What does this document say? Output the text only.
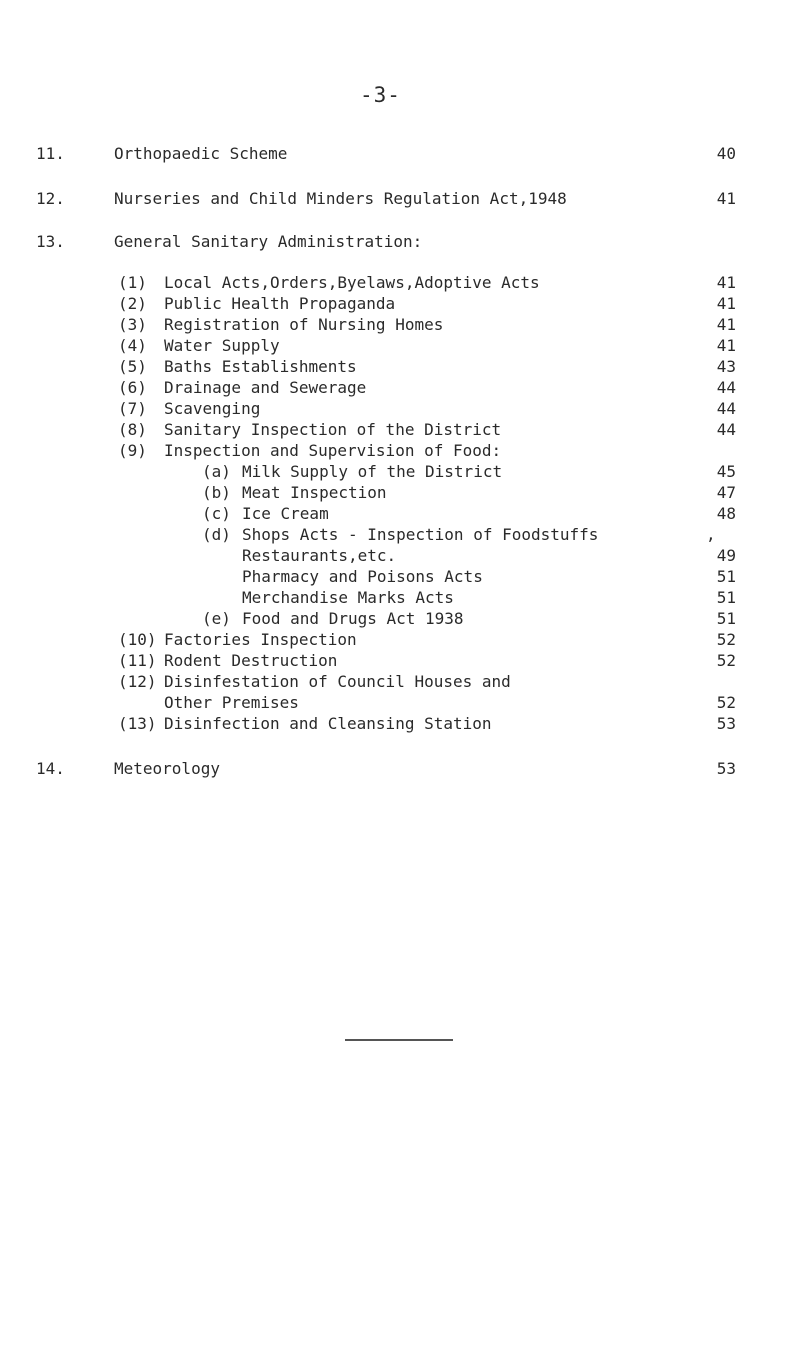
-3-
11.	Orthopaedic Scheme	40
12.	Nurseries and Child Minders Regulation Act,1948	41
13.	General Sanitary Administration:
(1) Local Acts,Orders,Byelaws,Adoptive Acts	41
(2) Public Health Propaganda	41
(3) Registration of Nursing Homes	41
(4) Water Supply	41
(5) Baths Establishments	43
(6) Drainage and Sewerage	44
(7) Scavenging	44
(8) Sanitary Inspection of the District	44
(9) Inspection and Supervision of Food:
(a) Milk Supply of the District	45
(b) Meat Inspection	47
(c) Ice Cream	48
(d) Shops Acts - Inspection of Foodstuffs	,
Restaurants,etc.	49
Pharmacy and Poisons Acts	51
Merchandise Marks Acts	51
(e) Food and Drugs Act 1938	51
(10) Factories Inspection	52
(11) Rodent Destruction	52
(12) Disinfestation of Council Houses and
Other Premises	52
(13) Disinfection and Cleansing Station	53
14.	Meteorology	53
